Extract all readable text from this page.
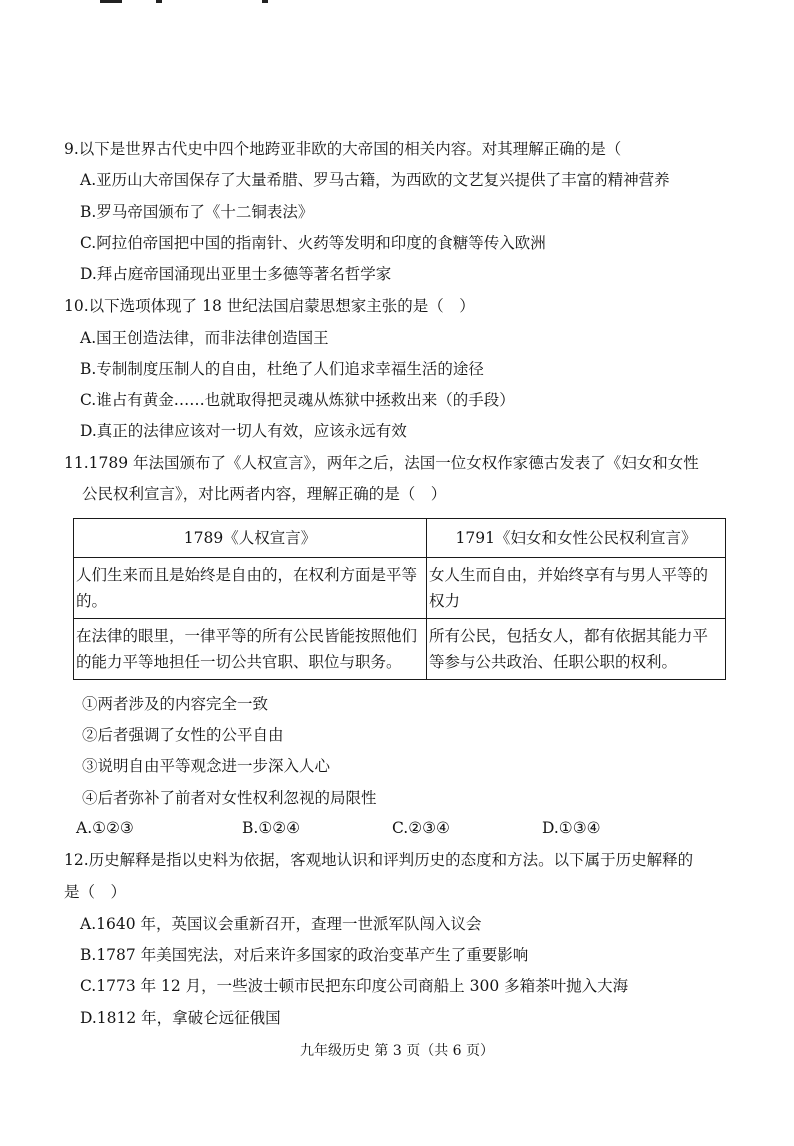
9.以下是世界古代史中四个地跨亚非欧的大帝国的相关内容。对其理解正确的是（
A.亚历山大帝国保存了大量希腊、罗马古籍，为西欧的文艺复兴提供了丰富的精神营养
B.罗马帝国颁布了《十二铜表法》
C.阿拉伯帝国把中国的指南针、火药等发明和印度的食糖等传入欧洲
D.拜占庭帝国涌现出亚里士多德等著名哲学家
10.以下选项体现了 18 世纪法国启蒙思想家主张的是（　）
A.国王创造法律，而非法律创造国王
B.专制制度压制人的自由，杜绝了人们追求幸福生活的途径
C.谁占有黄金……也就取得把灵魂从炼狱中拯救出来（的手段）
D.真正的法律应该对一切人有效，应该永远有效
11.1789 年法国颁布了《人权宣言》，两年之后，法国一位女权作家德古发表了《妇女和女性
公民权利宣言》，对比两者内容，理解正确的是（　）
1789《人权宣言》	1791《妇女和女性公民权利宣言》
人们生来而且是始终是自由的，在权利方面是平等的。	女人生而自由，并始终享有与男人平等的权力
在法律的眼里，一律平等的所有公民皆能按照他们的能力平等地担任一切公共官职、职位与职务。	所有公民，包括女人，都有依据其能力平等参与公共政治、任职公职的权利。
①两者涉及的内容完全一致
②后者强调了女性的公平自由
③说明自由平等观念进一步深入人心
④后者弥补了前者对女性权利忽视的局限性
A.①②③	B.①②④	C.②③④	D.①③④
12.历史解释是指以史料为依据，客观地认识和评判历史的态度和方法。以下属于历史解释的
是（　）
A.1640 年，英国议会重新召开，查理一世派军队闯入议会
B.1787 年美国宪法，对后来许多国家的政治变革产生了重要影响
C.1773 年 12 月，一些波士顿市民把东印度公司商船上 300 多箱茶叶抛入大海
D.1812 年，拿破仑远征俄国
九年级历史 第 3 页（共 6 页）
